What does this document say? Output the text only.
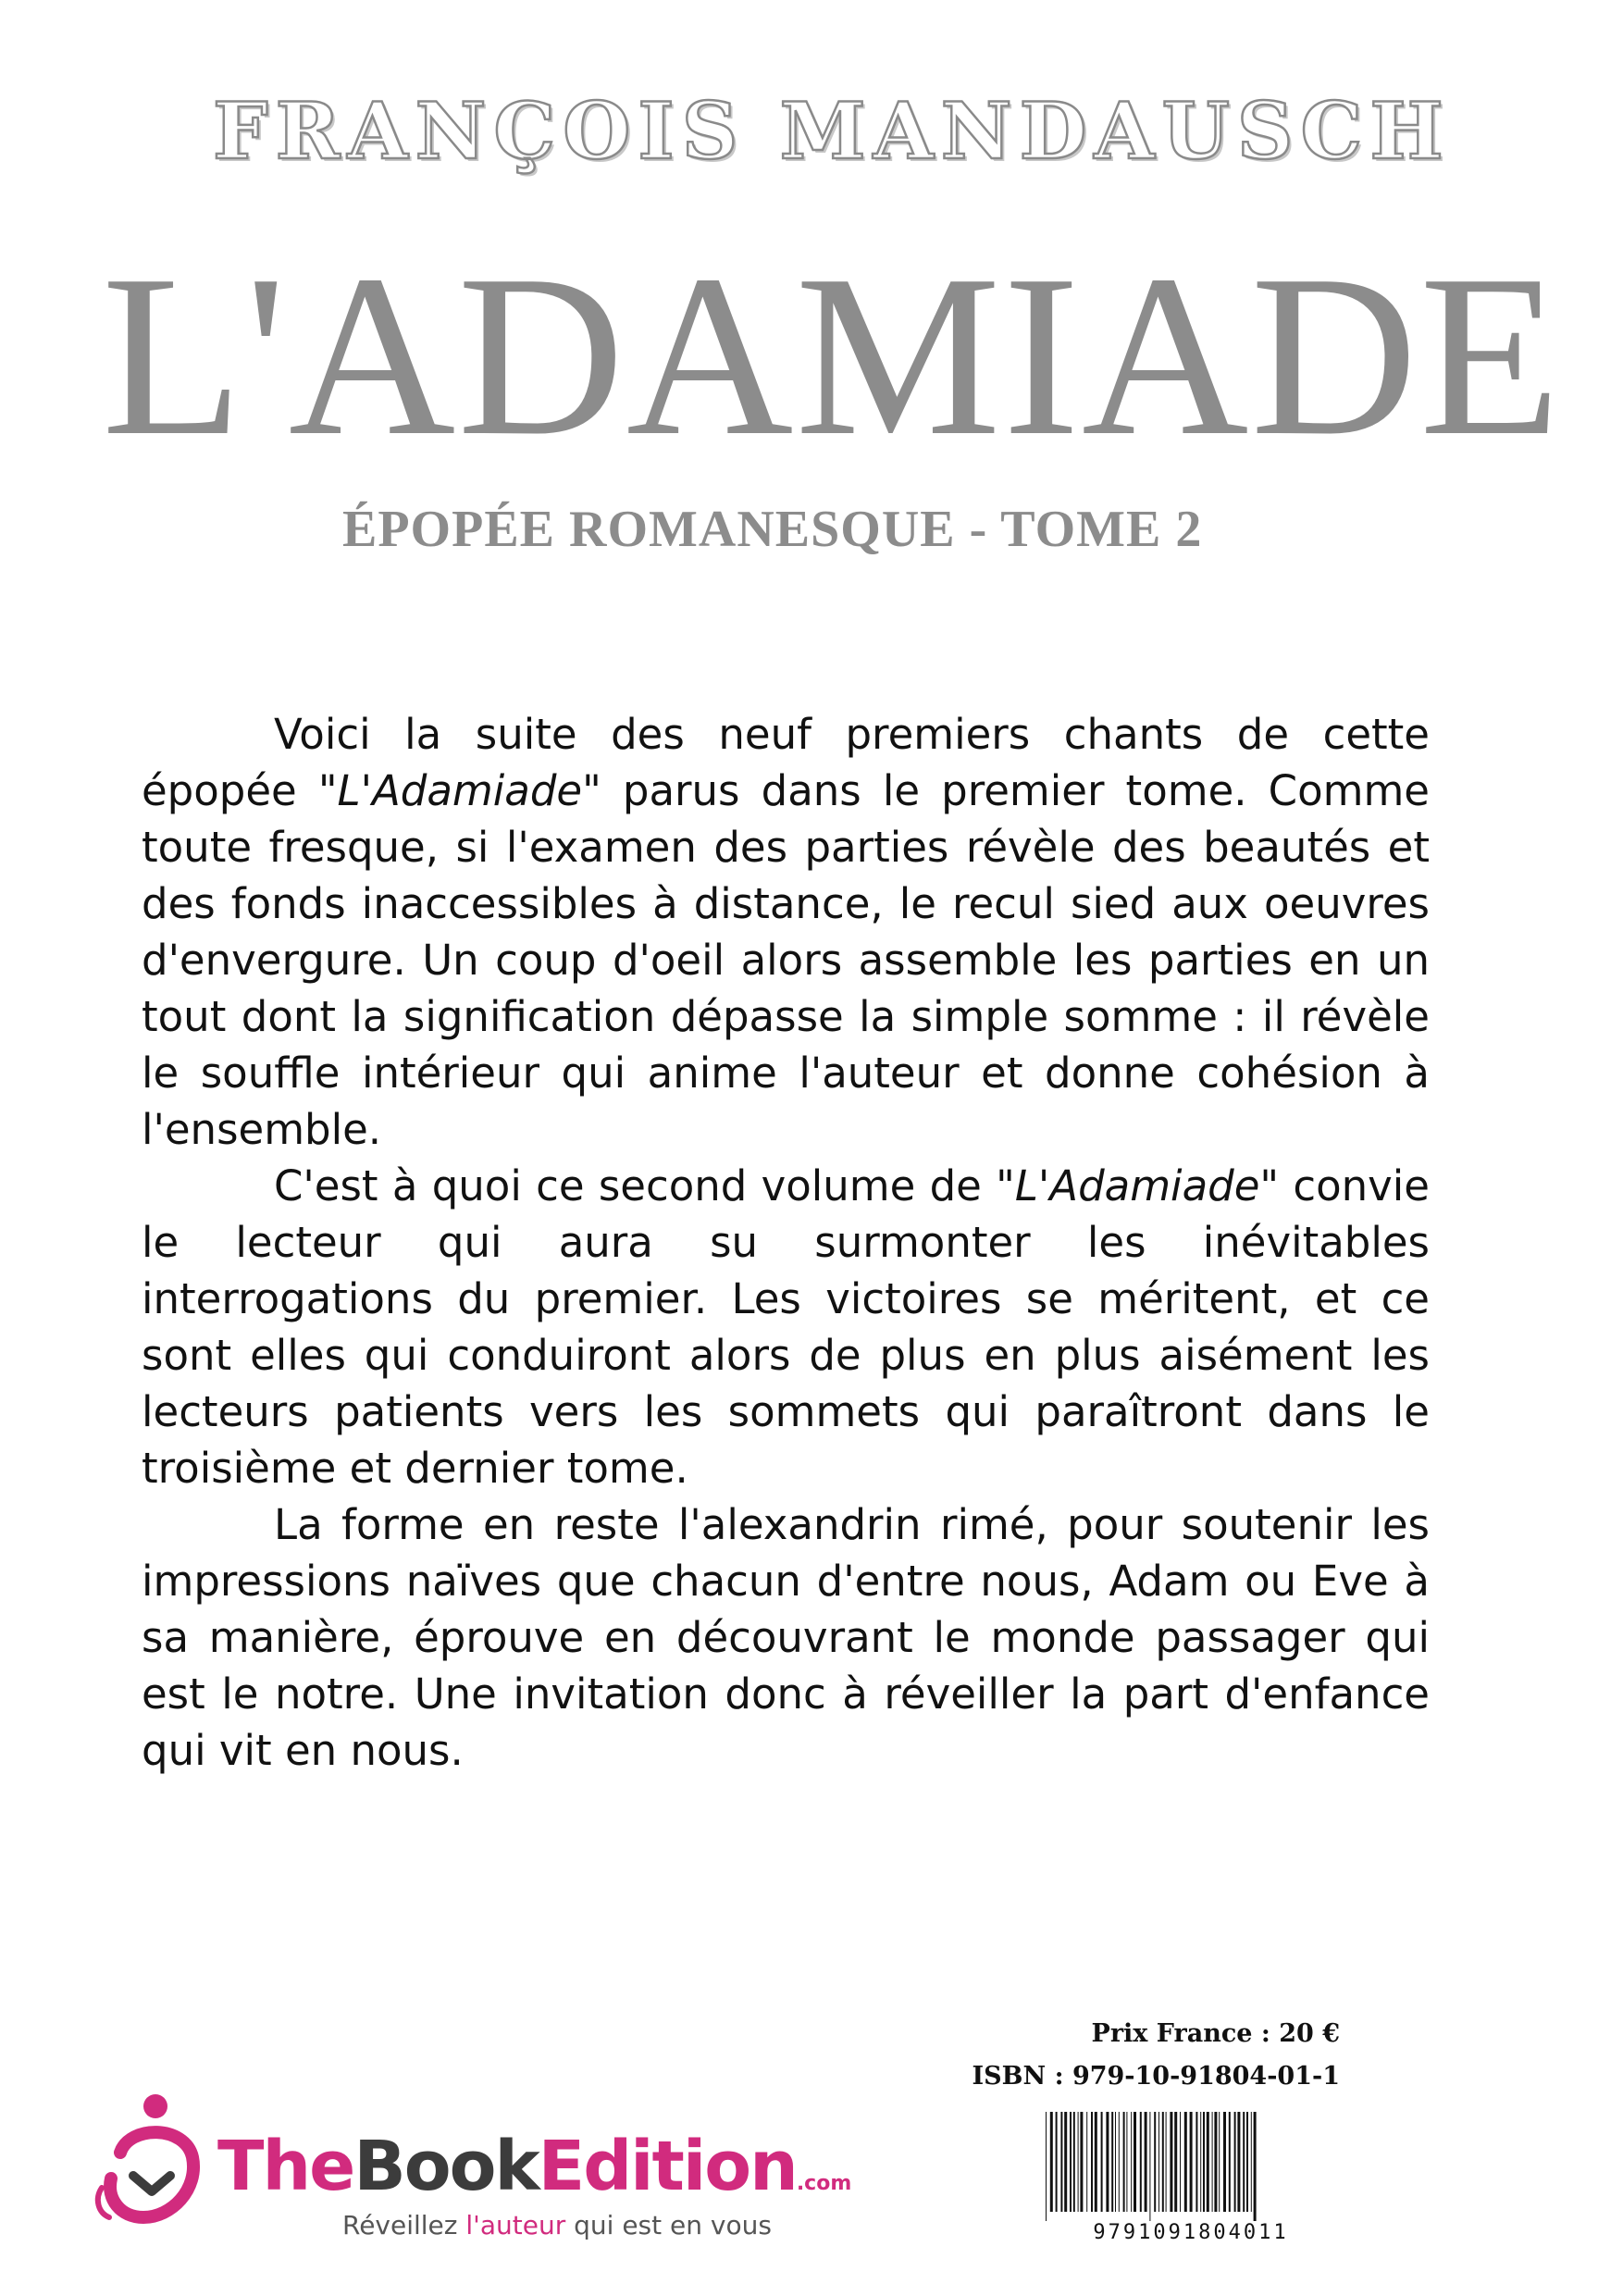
FRANÇOIS MANDAUSCH
L'ADAMIADE
ÉPOPÉE ROMANESQUE - TOME 2

Voici la suite des neuf premiers chants de cette épopée "L'Adamiade" parus dans le premier tome. Comme toute fresque, si l'examen des parties révèle des beautés et des fonds inaccessibles à distance, le recul sied aux oeuvres d'envergure. Un coup d'oeil alors assemble les parties en un tout dont la signification dépasse la simple somme : il révèle le souffle intérieur qui anime l'auteur et donne cohésion à l'ensemble.

C'est à quoi ce second volume de "L'Adamiade" convie le lecteur qui aura su surmonter les inévitables interrogations du premier. Les victoires se méritent, et ce sont elles qui conduiront alors de plus en plus aisément les lecteurs patients vers les sommets qui paraîtront dans le troisième et dernier tome.

La forme en reste l'alexandrin rimé, pour soutenir les impressions naïves que chacun d'entre nous, Adam ou Eve à sa manière, éprouve en découvrant le monde passager qui est le notre. Une invitation donc à réveiller la part d'enfance qui vit en nous.

Prix France : 20 €
ISBN : 979-10-91804-01-1
9791091804011
TheBookEdition.com
Réveillez l'auteur qui est en vous
